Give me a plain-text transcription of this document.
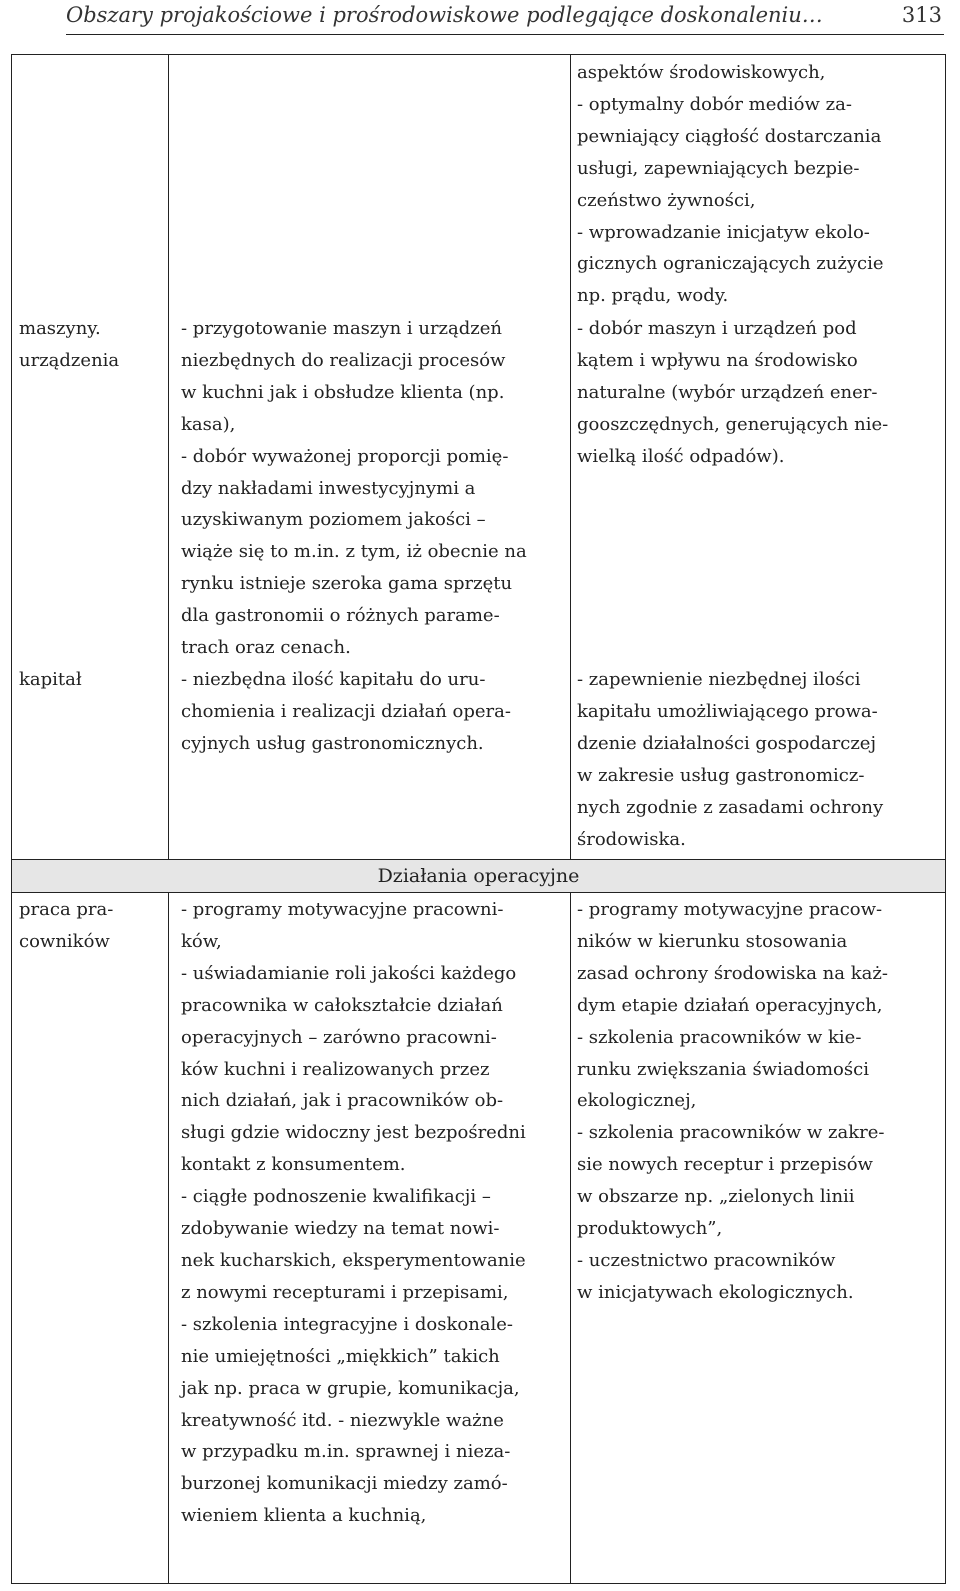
Obszary projakościowe i prośrodowiskowe podlegające doskonaleniu…	313
aspektów środowiskowych,
- optymalny dobór mediów za-
pewniający ciągłość dostarczania
usługi, zapewniających bezpie-
czeństwo żywności,
- wprowadzanie inicjatyw ekolo-
gicznych ograniczających zużycie
np. prądu, wody.
maszyny.
urządzenia
- przygotowanie maszyn i urządzeń
niezbędnych do realizacji procesów
w kuchni jak i obsłudze klienta (np.
kasa),
- dobór wyważonej proporcji pomię-
dzy nakładami inwestycyjnymi a
uzyskiwanym poziomem jakości –
wiąże się to m.in. z tym, iż obecnie na
rynku istnieje szeroka gama sprzętu
dla gastronomii o różnych parame-
trach oraz cenach.
- dobór maszyn i urządzeń pod
kątem i wpływu na środowisko
naturalne (wybór urządzeń ener-
gooszczędnych, generujących nie-
wielką ilość odpadów).
kapitał	- niezbędna ilość kapitału do uru-
chomienia i realizacji działań opera-
cyjnych usług gastronomicznych.
- zapewnienie niezbędnej ilości
kapitału umożliwiającego prowa-
dzenie działalności gospodarczej
w zakresie usług gastronomicz-
nych zgodnie z zasadami ochrony
środowiska.
Działania operacyjne
praca pra-
cowników
- programy motywacyjne pracowni-
ków,
- uświadamianie roli jakości każdego
pracownika w całokształcie działań
operacyjnych – zarówno pracowni-
ków kuchni i realizowanych przez
nich działań, jak i pracowników ob-
sługi gdzie widoczny jest bezpośredni
kontakt z konsumentem.
- ciągłe podnoszenie kwalifikacji –
zdobywanie wiedzy na temat nowi-
nek kucharskich, eksperymentowanie
z nowymi recepturami i przepisami,
- szkolenia integracyjne i doskonale-
nie umiejętności „miękkich” takich
jak np. praca w grupie, komunikacja,
kreatywność itd. - niezwykle ważne
w przypadku m.in. sprawnej i nieza-
burzonej komunikacji miedzy zamó-
wieniem klienta a kuchnią,
- programy motywacyjne pracow-
ników w kierunku stosowania
zasad ochrony środowiska na każ-
dym etapie działań operacyjnych,
- szkolenia pracowników w kie-
runku zwiększania świadomości
ekologicznej,
- szkolenia pracowników w zakre-
sie nowych receptur i przepisów
w obszarze np. „zielonych linii
produktowych”,
- uczestnictwo pracowników
w inicjatywach ekologicznych.
